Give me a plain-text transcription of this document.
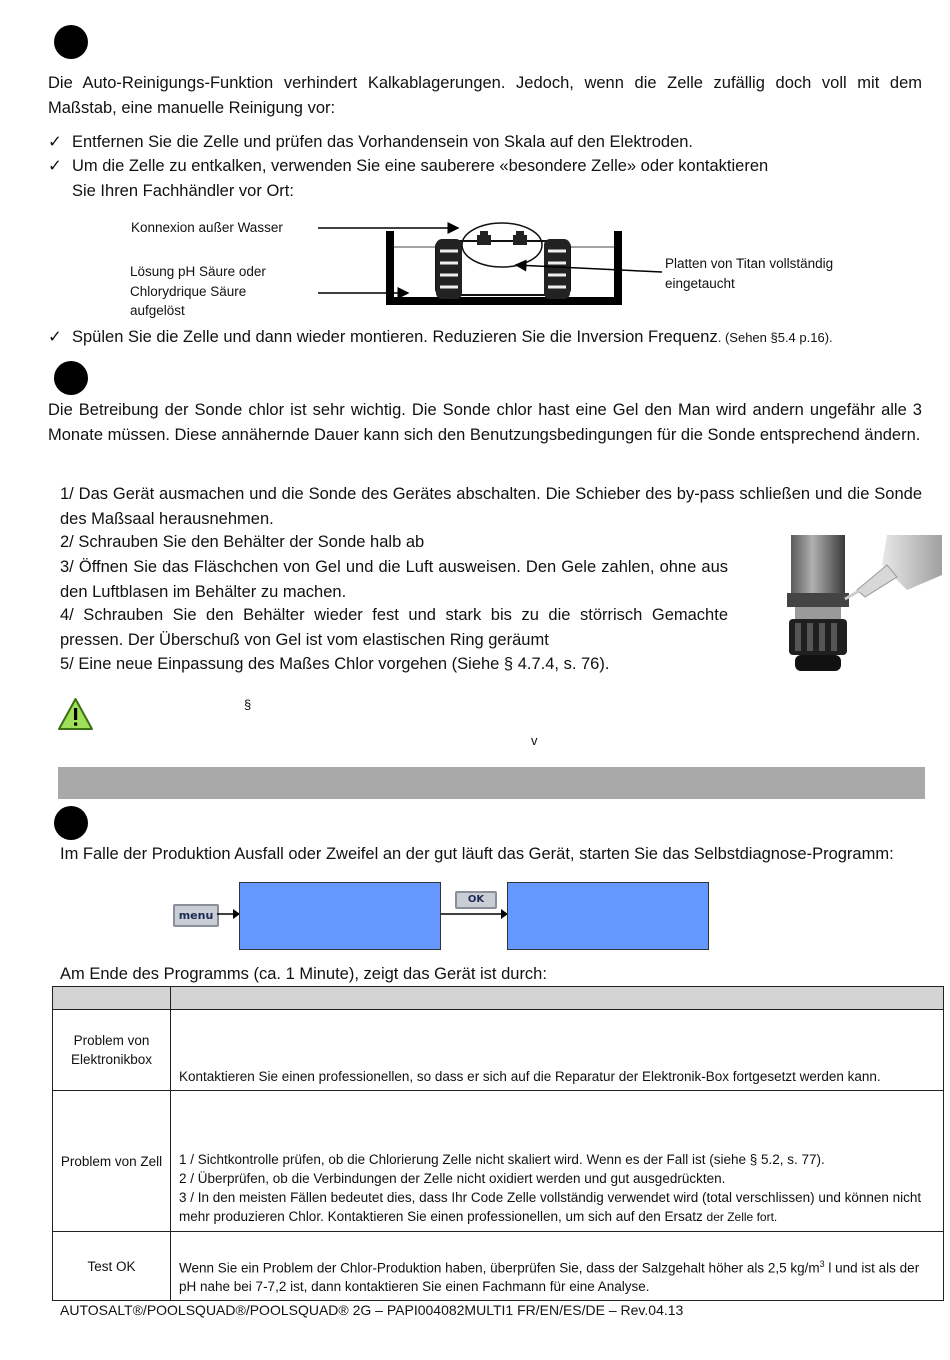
Die Auto-Reinigungs-Funktion verhindert Kalkablagerungen. Jedoch, wenn die Zelle zufällig doch voll mit dem Maßstab, eine manuelle Reinigung vor:
✓ Entfernen Sie die Zelle und prüfen das Vorhandensein von Skala auf den Elektroden.
✓ Um die Zelle zu entkalken, verwenden Sie eine sauberere «besondere Zelle» oder kontaktieren
Sie Ihren Fachhändler vor Ort:
Konnexion außer Wasser
Lösung pH Säure oder Chlorydrique Säure aufgelöst
Platten von Titan vollständig eingetaucht
✓ Spülen Sie die Zelle und dann wieder montieren. Reduzieren Sie die Inversion Frequenz. (Sehen §5.4 p.16).
Die Betreibung der Sonde chlor ist sehr wichtig. Die Sonde chlor hast eine Gel den Man wird andern ungefähr alle 3 Monate müssen. Diese annähernde Dauer kann sich den Benutzungsbedingungen für die Sonde entsprechend ändern.
1/ Das Gerät ausmachen und die Sonde des Gerätes abschalten. Die Schieber des by-pass schließen und die Sonde des Maßsaal herausnehmen.
2/ Schrauben Sie den Behälter der Sonde halb ab
3/ Öffnen Sie das Fläschchen von Gel und die Luft ausweisen. Den Gele zahlen, ohne aus den Luftblasen im Behälter zu machen.
4/ Schrauben Sie den Behälter wieder fest und stark bis zu die störrisch Gemachte pressen. Der Überschuß von Gel ist vom elastischen Ring geräumt
5/ Eine neue Einpassung des Maßes Chlor vorgehen (Siehe § 4.7.4, s. 76).
§
v
Im Falle der Produktion Ausfall oder Zweifel an der gut läuft das Gerät, starten Sie das Selbstdiagnose-Programm:
menu
OK
Am Ende des Programms (ca. 1 Minute), zeigt das Gerät ist durch:

Problem von Elektronikbox	Kontaktieren Sie einen professionellen, so dass er sich auf die Reparatur der Elektronik-Box fortgesetzt werden kann.
Problem von Zell	1 / Sichtkontrolle prüfen, ob die Chlorierung Zelle nicht skaliert wird. Wenn es der Fall ist (siehe § 5.2, s. 77).
2 / Überprüfen, ob die Verbindungen der Zelle nicht oxidiert werden und gut ausgedrückten.
3 / In den meisten Fällen bedeutet dies, dass Ihr Code Zelle vollständig verwendet wird (total verschlissen) und können nicht mehr produzieren Chlor. Kontaktieren Sie einen professionellen, um sich auf den Ersatz der Zelle fort.

Test OK	Wenn Sie ein Problem der Chlor-Produktion haben, überprüfen Sie, dass der Salzgehalt höher als 2,5 $kg/m^3$ l und ist als der pH nahe bei 7-7,2 ist, dann kontaktieren Sie einen Fachmann für eine Analyse.
AUTOSALT®/POOLSQUAD®/POOLSQUAD® 2G – PAPI004082MULTI1 FR/EN/ES/DE – Rev.04.13
